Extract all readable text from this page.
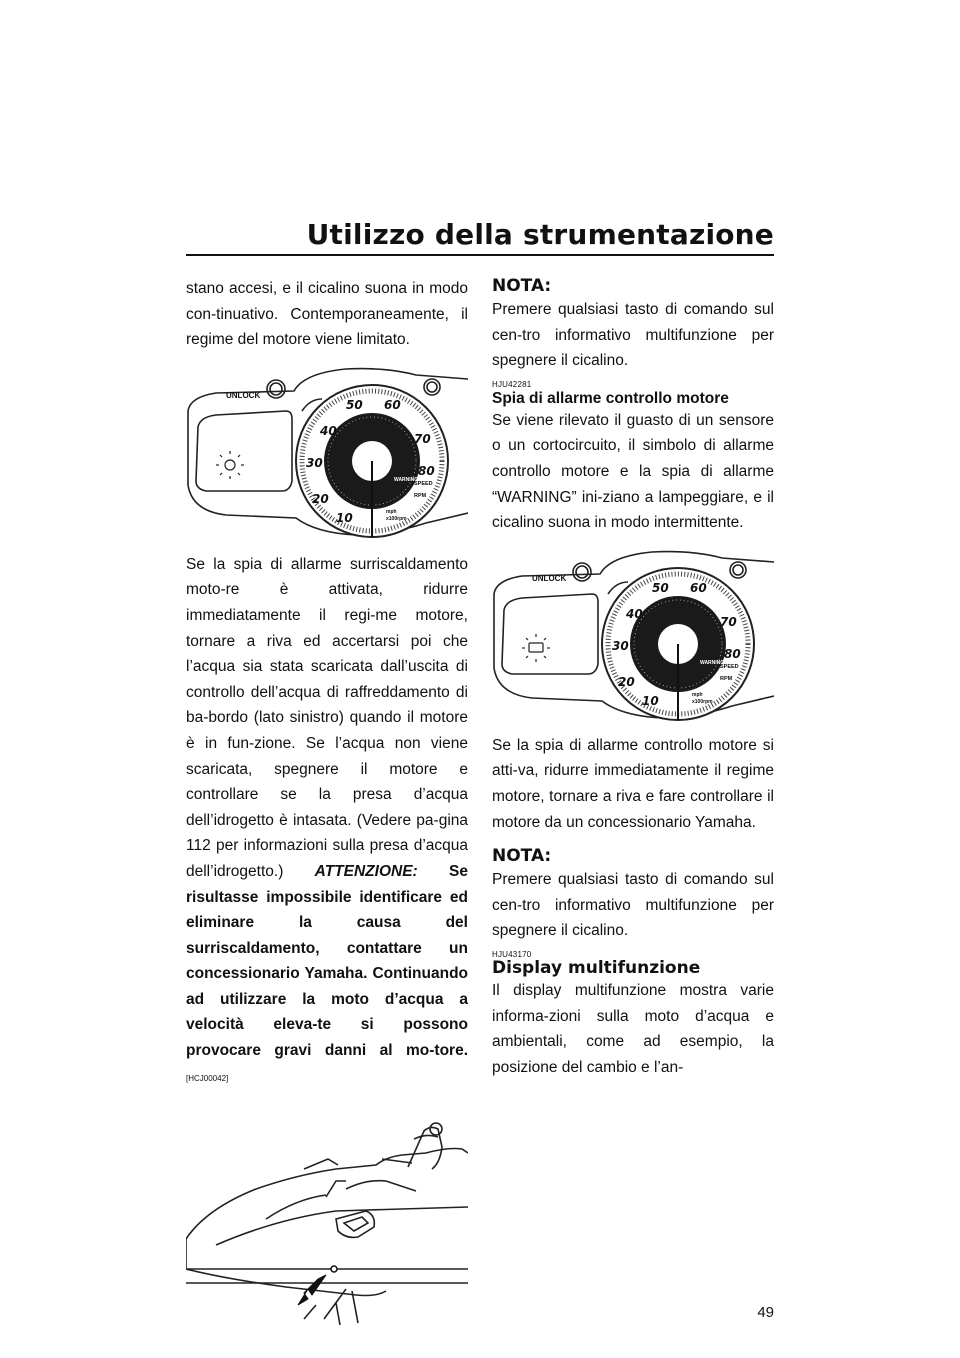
Utilizzo della strumentazione

stano accesi, e il cicalino suona in modo con-tinuativo. Contemporaneamente, il regime del motore viene limitato.

UNLOCK
10
20
30
40
50 60
70
80
WARNING
SPEED
RPM
mph
x100rpm

Se la spia di allarme surriscaldamento moto-re è attivata, ridurre immediatamente il regi-me motore, tornare a riva ed accertarsi poi che l’acqua sia stata scaricata dall’uscita di controllo dell’acqua di raffreddamento di ba-bordo (lato sinistro) quando il motore è in fun-zione. Se l’acqua non viene scaricata, spegnere il motore e controllare se la presa d’acqua dell’idrogetto è intasata. (Vedere pa-gina 112 per informazioni sulla presa d’acqua dell’idrogetto.) ATTENZIONE: Se risultasse impossibile identificare ed eliminare la causa del surriscaldamento, contattare un concessionario Yamaha. Continuando ad utilizzare la moto d’acqua a velocità eleva-te si possono provocare gravi danni al mo-tore. [HCJ00042]

NOTA:

Premere qualsiasi tasto di comando sul cen-tro informativo multifunzione per spegnere il cicalino.

HJU42281

Spia di allarme controllo motore

Se viene rilevato il guasto di un sensore o un cortocircuito, il simbolo di allarme controllo motore e la spia di allarme “WARNING” ini-ziano a lampeggiare, e il cicalino suona in modo intermittente.

UNLOCK
10
20
30
40
50 60
70
80
WARNING
SPEED
RPM
mph
x100rpm

Se la spia di allarme controllo motore si atti-va, ridurre immediatamente il regime motore, tornare a riva e fare controllare il motore da un concessionario Yamaha.

NOTA:

Premere qualsiasi tasto di comando sul cen-tro informativo multifunzione per spegnere il cicalino.

HJU43170

Display multifunzione

Il display multifunzione mostra varie informa-zioni sulla moto d’acqua e ambientali, come ad esempio, la posizione del cambio e l’an-

49
